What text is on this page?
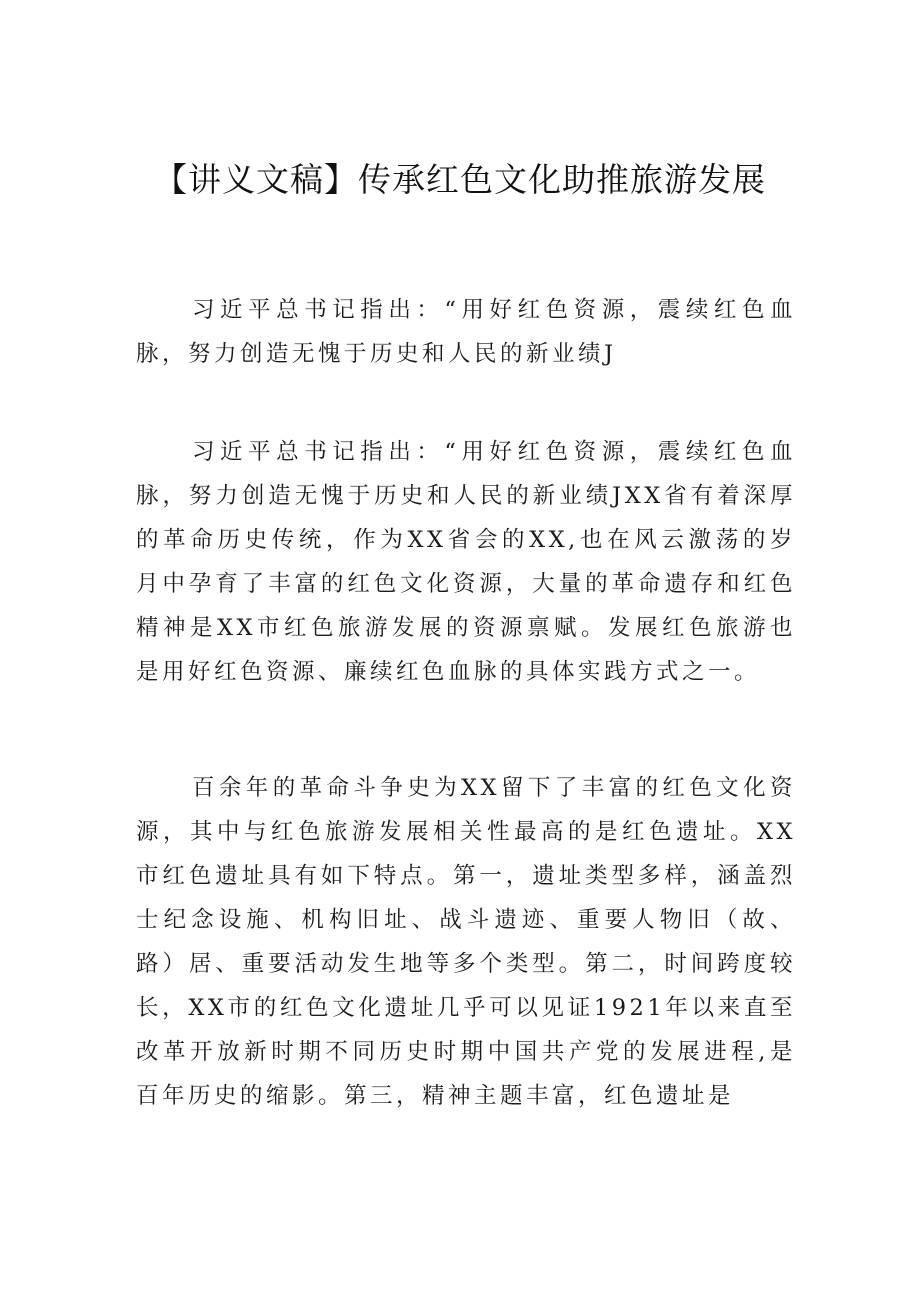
【讲义文稿】传承红色文化助推旅游发展

习近平总书记指出：“用好红色资源，震续红色血脉，努力创造无愧于历史和人民的新业绩J

习近平总书记指出：“用好红色资源，震续红色血脉，努力创造无愧于历史和人民的新业绩JXX省有着深厚的革命历史传统，作为XX省会的XX,也在风云激荡的岁月中孕育了丰富的红色文化资源，大量的革命遗存和红色精神是XX市红色旅游发展的资源禀赋。发展红色旅游也是用好红色资源、廉续红色血脉的具体实践方式之一。

百余年的革命斗争史为XX留下了丰富的红色文化资源，其中与红色旅游发展相关性最高的是红色遗址。XX市红色遗址具有如下特点。第一，遗址类型多样，涵盖烈士纪念设施、机构旧址、战斗遗迹、重要人物旧（故、路）居、重要活动发生地等多个类型。第二，时间跨度较长，XX市的红色文化遗址几乎可以见证1921年以来直至改革开放新时期不同历史时期中国共产党的发展进程,是百年历史的缩影。第三，精神主题丰富，红色遗址是
